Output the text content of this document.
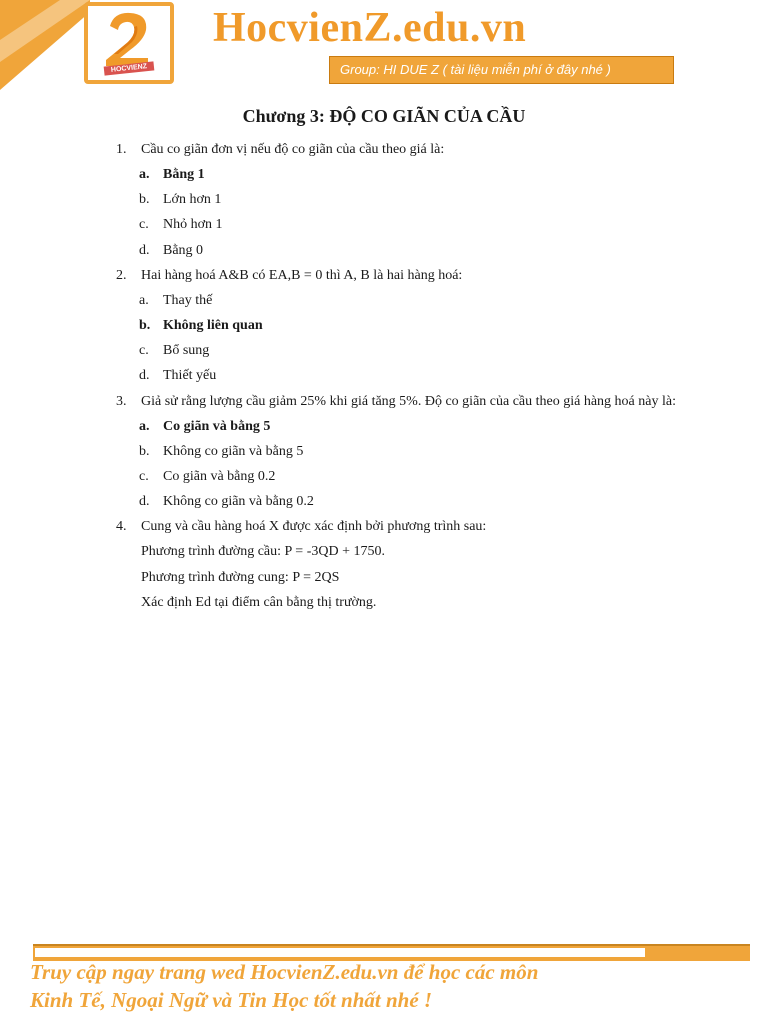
HOCVIENZ
HocvienZ.edu.vn
Group: HI DUE Z ( tài liệu miễn phí ở đây nhé )
Chương 3: ĐỘ CO GIÃN CỦA CẦU
1. Cầu co giãn đơn vị nếu độ co giãn của cầu theo giá là:
a. Bằng 1
b. Lớn hơn 1
c. Nhỏ hơn 1
d. Bằng 0
2. Hai hàng hoá A&B có EA,B = 0 thì A, B là hai hàng hoá:
a. Thay thế
b. Không liên quan
c. Bổ sung
d. Thiết yếu
3. Giả sử rằng lượng cầu giảm 25% khi giá tăng 5%. Độ co giãn của cầu theo giá hàng hoá này là:
a. Co giãn và bằng 5
b. Không co giãn và bằng 5
c. Co giãn và bằng 0.2
d. Không co giãn và bằng 0.2
4. Cung và cầu hàng hoá X được xác định bởi phương trình sau:
Phương trình đường cầu: P = -3QD + 1750.
Phương trình đường cung: P = 2QS
Xác định Ed tại điểm cân bằng thị trường.
Truy cập ngay trang wed HocvienZ.edu.vn để học các môn
Kinh Tế, Ngoại Ngữ và Tin Học tốt nhất nhé !
